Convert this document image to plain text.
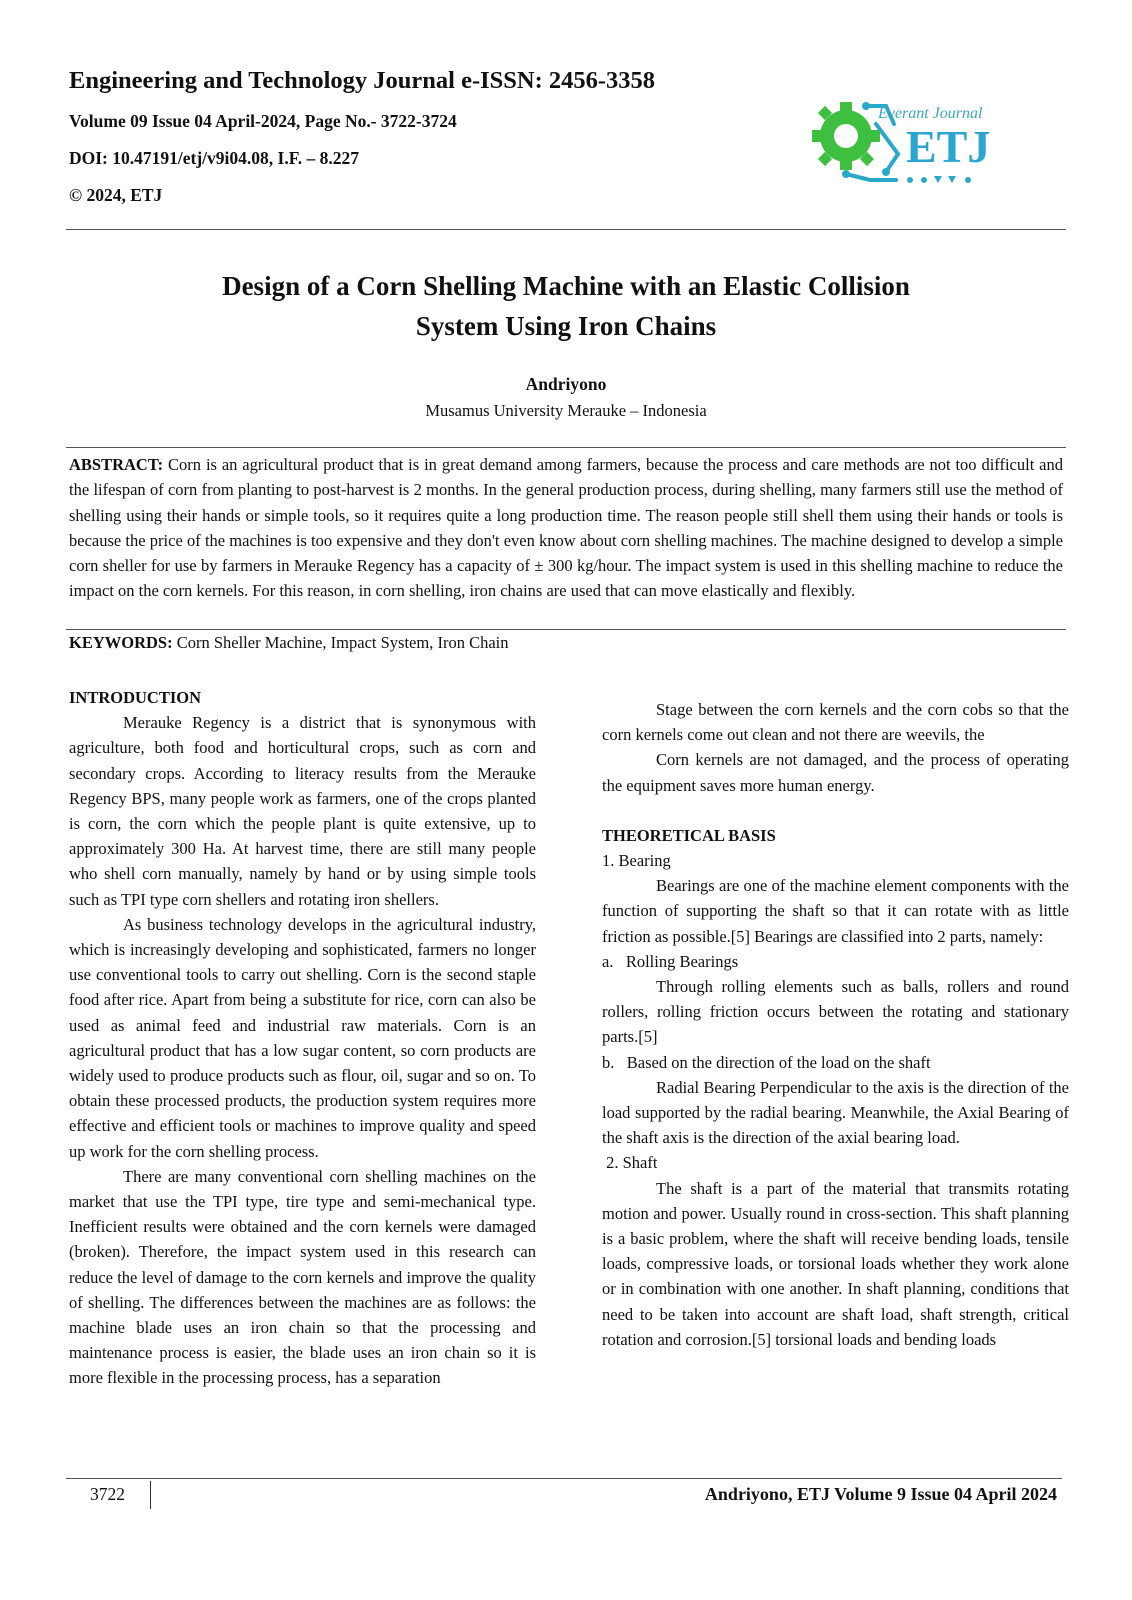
Engineering and Technology Journal e-ISSN: 2456-3358
Volume 09 Issue 04 April-2024, Page No.- 3722-3724
DOI: 10.47191/etj/v9i04.08, I.F. – 8.227
© 2024, ETJ
Everant Journal
ETJ
Design of a Corn Shelling Machine with an Elastic Collision
System Using Iron Chains
Andriyono
Musamus University Merauke – Indonesia

ABSTRACT: Corn is an agricultural product that is in great demand among farmers, because the process and care methods are not too difficult and the lifespan of corn from planting to post-harvest is 2 months. In the general production process, during shelling, many farmers still use the method of shelling using their hands or simple tools, so it requires quite a long production time. The reason people still shell them using their hands or tools is because the price of the machines is too expensive and they don't even know about corn shelling machines. The machine designed to develop a simple corn sheller for use by farmers in Merauke Regency has a capacity of ± 300 kg/hour. The impact system is used in this shelling machine to reduce the impact on the corn kernels. For this reason, in corn shelling, iron chains are used that can move elastically and flexibly.

KEYWORDS: Corn Sheller Machine, Impact System, Iron Chain

INTRODUCTION

Merauke Regency is a district that is synonymous with agriculture, both food and horticultural crops, such as corn and secondary crops. According to literacy results from the Merauke Regency BPS, many people work as farmers, one of the crops planted is corn, the corn which the people plant is quite extensive, up to approximately 300 Ha. At harvest time, there are still many people who shell corn manually, namely by hand or by using simple tools such as TPI type corn shellers and rotating iron shellers.

As business technology develops in the agricultural industry, which is increasingly developing and sophisticated, farmers no longer use conventional tools to carry out shelling. Corn is the second staple food after rice. Apart from being a substitute for rice, corn can also be used as animal feed and industrial raw materials. Corn is an agricultural product that has a low sugar content, so corn products are widely used to produce products such as flour, oil, sugar and so on. To obtain these processed products, the production system requires more effective and efficient tools or machines to improve quality and speed up work for the corn shelling process.

There are many conventional corn shelling machines on the market that use the TPI type, tire type and semi-mechanical type. Inefficient results were obtained and the corn kernels were damaged (broken). Therefore, the impact system used in this research can reduce the level of damage to the corn kernels and improve the quality of shelling. The differences between the machines are as follows: the machine blade uses an iron chain so that the processing and maintenance process is easier, the blade uses an iron chain so it is more flexible in the processing process, has a separation

Stage between the corn kernels and the corn cobs so that the corn kernels come out clean and not there are weevils, the

Corn kernels are not damaged, and the process of operating the equipment saves more human energy.

THEORETICAL BASIS

1. Bearing

Bearings are one of the machine element components with the function of supporting the shaft so that it can rotate with as little friction as possible.[5] Bearings are classified into 2 parts, namely:

a.   Rolling Bearings

Through rolling elements such as balls, rollers and round rollers, rolling friction occurs between the rotating and stationary parts.[5]

b.   Based on the direction of the load on the shaft

Radial Bearing Perpendicular to the axis is the direction of the load supported by the radial bearing. Meanwhile, the Axial Bearing of the shaft axis is the direction of the axial bearing load.

2. Shaft

The shaft is a part of the material that transmits rotating motion and power. Usually round in cross-section. This shaft planning is a basic problem, where the shaft will receive bending loads, tensile loads, compressive loads, or torsional loads whether they work alone or in combination with one another. In shaft planning, conditions that need to be taken into account are shaft load, shaft strength, critical rotation and corrosion.[5] torsional loads and bending loads

3722	Andriyono, ETJ Volume 9 Issue 04 April 2024
